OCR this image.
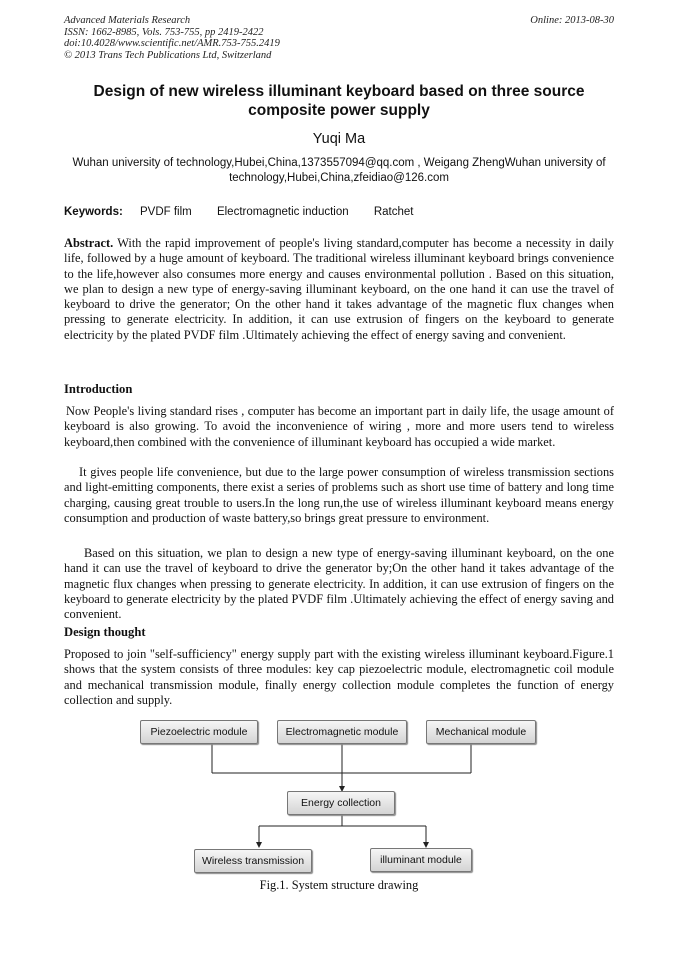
Advanced Materials Research
ISSN: 1662-8985, Vols. 753-755, pp 2419-2422
doi:10.4028/www.scientific.net/AMR.753-755.2419
© 2013 Trans Tech Publications Ltd, Switzerland
Online: 2013-08-30
Design of new wireless illuminant keyboard based on three source composite power supply
Yuqi Ma
Wuhan university of technology,Hubei,China,1373557094@qq.com , Weigang ZhengWuhan university of technology,Hubei,China,zfeidiao@126.com
Keywords: PVDF film Electromagnetic induction Ratchet
Abstract. With the rapid improvement of people's living standard,computer has become a necessity in daily life, followed by a huge amount of keyboard. The traditional wireless illuminant keyboard brings convenience to the life,however also consumes more energy and causes environmental pollution . Based on this situation, we plan to design a new type of energy-saving illuminant keyboard, on the one hand it can use the travel of keyboard to drive the generator; On the other hand it takes advantage of the magnetic flux changes when pressing to generate electricity. In addition, it can use extrusion of fingers on the keyboard to generate electricity by the plated PVDF film .Ultimately achieving the effect of energy saving and convenient.
Introduction
Now People's living standard rises , computer has become an important part in daily life, the usage amount of keyboard is also growing. To avoid the inconvenience of wiring , more and more users tend to wireless keyboard,then combined with the convenience of illuminant keyboard has occupied a wide market.
It gives people life convenience, but due to the large power consumption of wireless transmission sections and light-emitting components, there exist a series of problems such as short use time of battery and long time charging, causing great trouble to users.In the long run,the use of wireless illuminant keyboard means energy consumption and production of waste battery,so brings great pressure to environment.
Based on this situation, we plan to design a new type of energy-saving illuminant keyboard, on the one hand it can use the travel of keyboard to drive the generator by;On the other hand it takes advantage of the magnetic flux changes when pressing to generate electricity. In addition, it can use extrusion of fingers on the keyboard to generate electricity by the plated PVDF film .Ultimately achieving the effect of energy saving and convenient.
Design thought
Proposed to join "self-sufficiency" energy supply part with the existing wireless illuminant keyboard.Figure.1 shows that the system consists of three modules: key cap piezoelectric module, electromagnetic coil module and mechanical transmission module, finally energy collection module completes the function of energy collection and supply.
Piezoelectric module	Electromagnetic module	Mechanical module
Energy collection
Wireless transmission	illuminant module
Fig.1. System structure drawing
